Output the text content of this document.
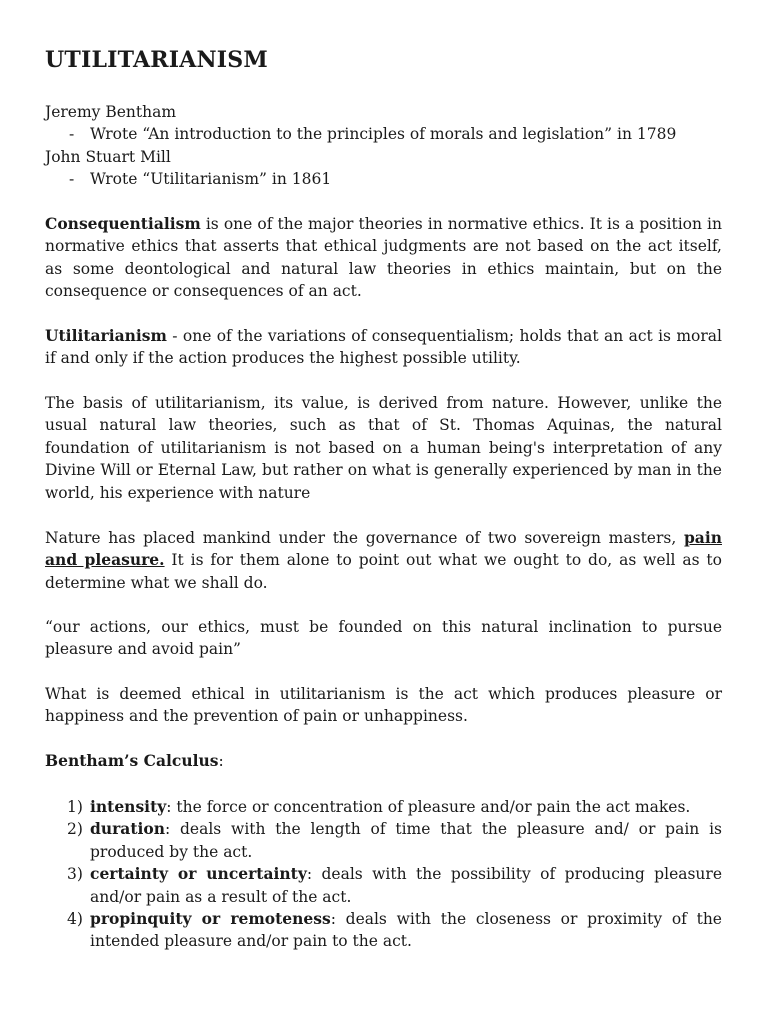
UTILITARIANISM
Jeremy Bentham
- Wrote “An introduction to the principles of morals and legislation” in 1789
John Stuart Mill
- Wrote “Utilitarianism” in 1861

Consequentialism is one of the major theories in normative ethics. It is a position in normative ethics that asserts that ethical judgments are not based on the act itself, as some deontological and natural law theories in ethics maintain, but on the consequence or consequences of an act.

Utilitarianism - one of the variations of consequentialism; holds that an act is moral if and only if the action produces the highest possible utility.

The basis of utilitarianism, its value, is derived from nature. However, unlike the usual natural law theories, such as that of St. Thomas Aquinas, the natural foundation of utilitarianism is not based on a human being's interpretation of any Divine Will or Eternal Law, but rather on what is generally experienced by man in the world, his experience with nature

Nature has placed mankind under the governance of two sovereign masters, pain and pleasure. It is for them alone to point out what we ought to do, as well as to determine what we shall do.

“our actions, our ethics, must be founded on this natural inclination to pursue pleasure and avoid pain”

What is deemed ethical in utilitarianism is the act which produces pleasure or happiness and the prevention of pain or unhappiness.

Bentham’s Calculus:
1) intensity: the force or concentration of pleasure and/or pain the act makes.
2) duration: deals with the length of time that the pleasure and/ or pain is produced by the act.
3) certainty or uncertainty: deals with the possibility of producing pleasure and/or pain as a result of the act.
4) propinquity or remoteness: deals with the closeness or proximity of the intended pleasure and/or pain to the act.
